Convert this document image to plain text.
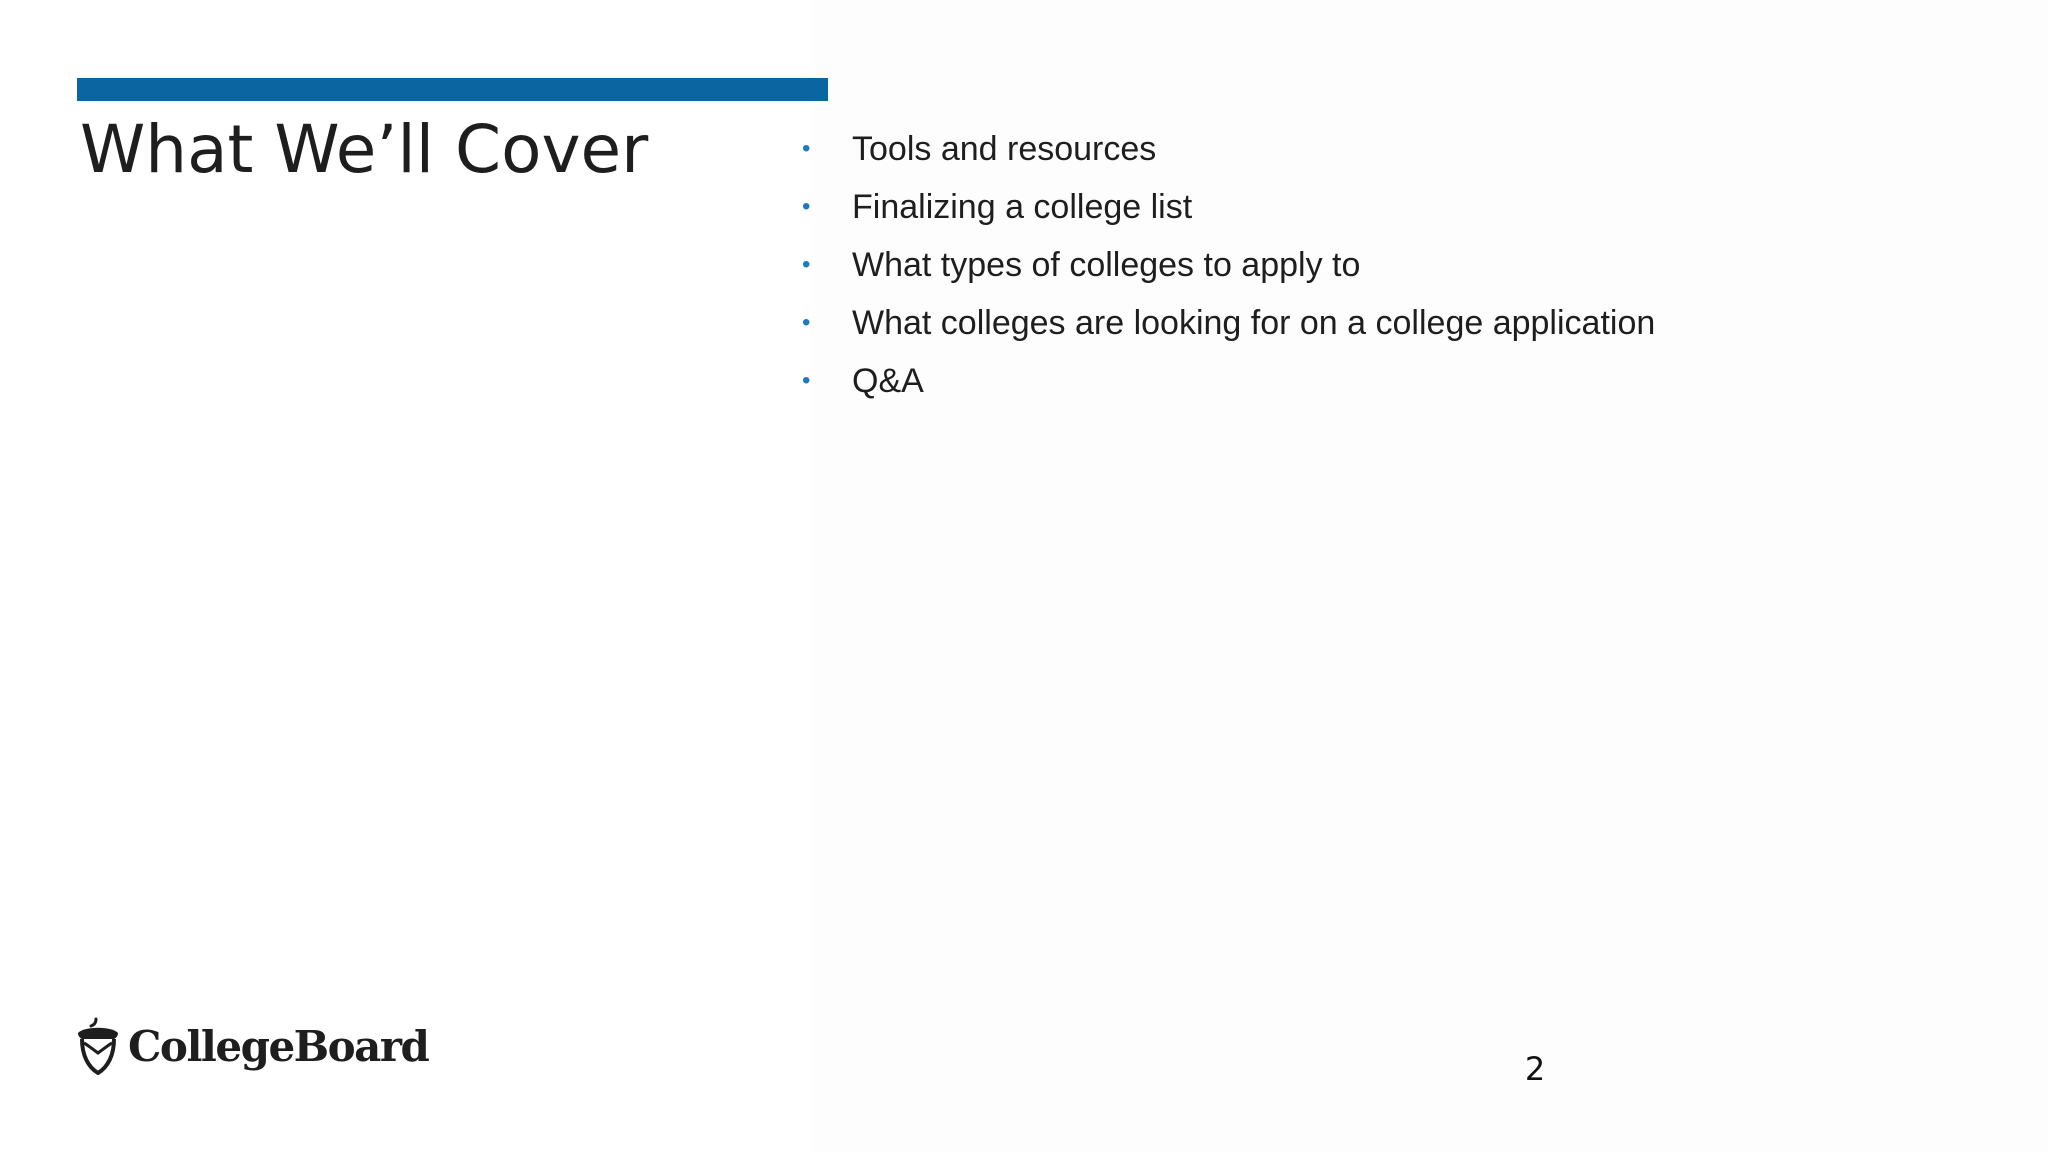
What We’ll Cover	•	Tools and resources
•	Finalizing a college list
•	What types of colleges to apply to
•	What colleges are looking for on a college application
•	Q&A
CollegeBoard	2
